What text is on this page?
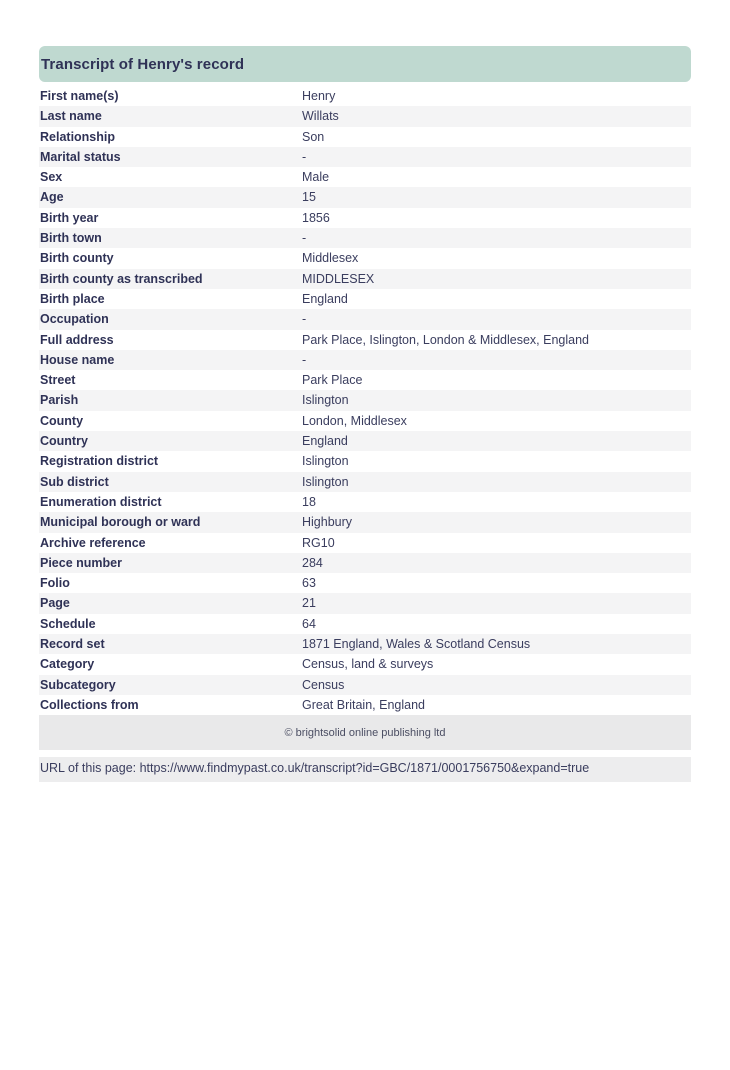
Transcript of Henry's record
First name(s)	Henry
Last name	Willats
Relationship	Son
Marital status	-
Sex	Male
Age	15
Birth year	1856
Birth town	-
Birth county	Middlesex
Birth county as transcribed	MIDDLESEX
Birth place	England
Occupation	-
Full address	Park Place, Islington, London & Middlesex, England
House name	-
Street	Park Place
Parish	Islington
County	London, Middlesex
Country	England
Registration district	Islington
Sub district	Islington
Enumeration district	18
Municipal borough or ward	Highbury
Archive reference	RG10
Piece number	284
Folio	63
Page	21
Schedule	64
Record set	1871 England, Wales & Scotland Census
Category	Census, land & surveys
Subcategory	Census
Collections from	Great Britain, England
© brightsolid online publishing ltd
URL of this page: https://www.findmypast.co.uk/transcript?id=GBC/1871/0001756750&expand=true
